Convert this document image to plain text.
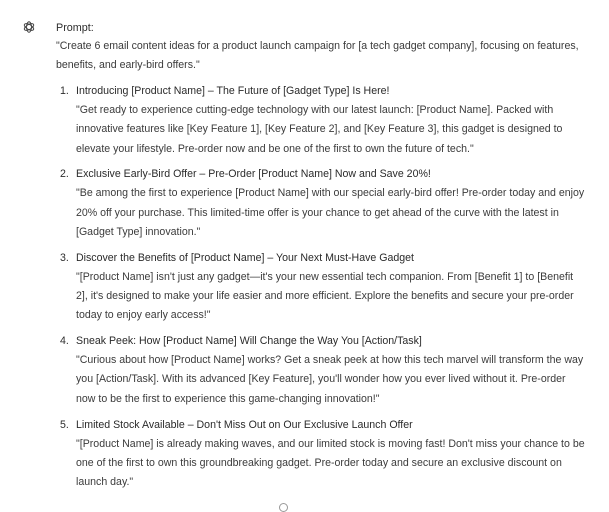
Prompt:
"Create 6 email content ideas for a product launch campaign for [a tech gadget company], focusing on features, benefits, and early-bird offers."
1. Introducing [Product Name] – The Future of [Gadget Type] Is Here!
"Get ready to experience cutting-edge technology with our latest launch: [Product Name]. Packed with innovative features like [Key Feature 1], [Key Feature 2], and [Key Feature 3], this gadget is designed to elevate your lifestyle. Pre-order now and be one of the first to own the future of tech."
2. Exclusive Early-Bird Offer – Pre-Order [Product Name] Now and Save 20%!
"Be among the first to experience [Product Name] with our special early-bird offer! Pre-order today and enjoy 20% off your purchase. This limited-time offer is your chance to get ahead of the curve with the latest in [Gadget Type] innovation."
3. Discover the Benefits of [Product Name] – Your Next Must-Have Gadget
"[Product Name] isn't just any gadget—it's your new essential tech companion. From [Benefit 1] to [Benefit 2], it's designed to make your life easier and more efficient. Explore the benefits and secure your pre-order today to enjoy early access!"
4. Sneak Peek: How [Product Name] Will Change the Way You [Action/Task]
"Curious about how [Product Name] works? Get a sneak peek at how this tech marvel will transform the way you [Action/Task]. With its advanced [Key Feature], you'll wonder how you ever lived without it. Pre-order now to be the first to experience this game-changing innovation!"
5. Limited Stock Available – Don't Miss Out on Our Exclusive Launch Offer
"[Product Name] is already making waves, and our limited stock is moving fast! Don't miss your chance to be one of the first to own this groundbreaking gadget. Pre-order today and secure an exclusive discount on launch day."
